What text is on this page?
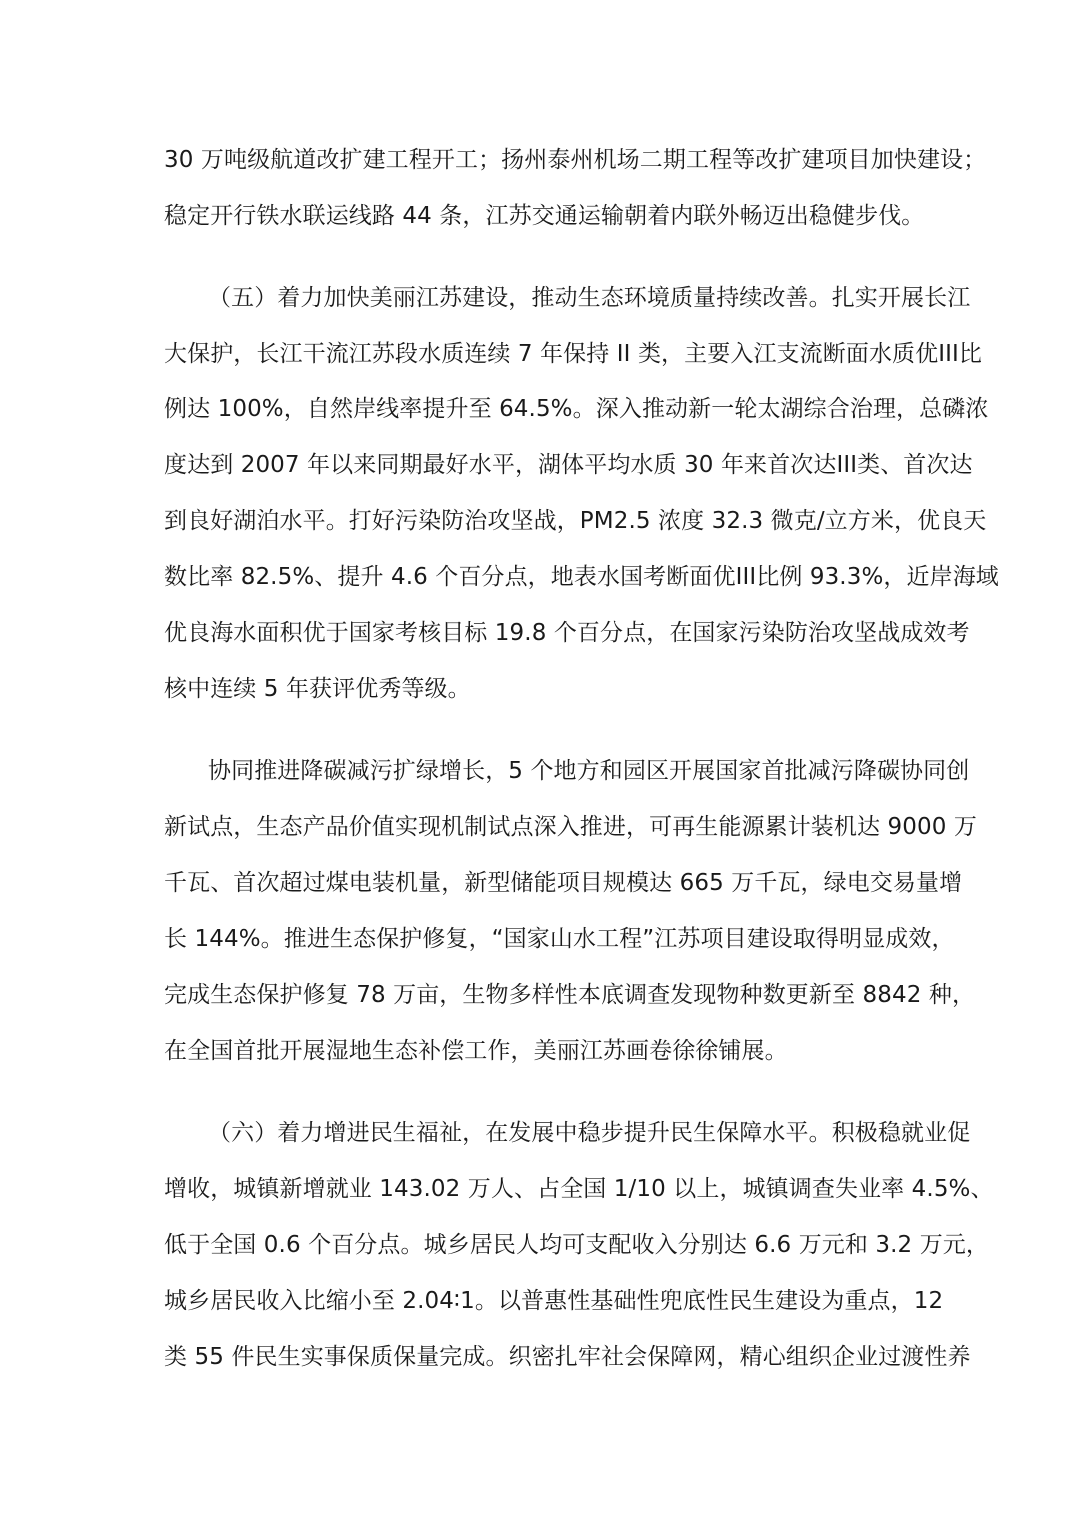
30 万吨级航道改扩建工程开工；扬州泰州机场二期工程等改扩建项目加快建设；
稳定开行铁水联运线路 44 条，江苏交通运输朝着内联外畅迈出稳健步伐。
（五）着力加快美丽江苏建设，推动生态环境质量持续改善。扎实开展长江
大保护，长江干流江苏段水质连续 7 年保持 II 类，主要入江支流断面水质优III比
例达 100%，自然岸线率提升至 64.5%。深入推动新一轮太湖综合治理，总磷浓
度达到 2007 年以来同期最好水平，湖体平均水质 30 年来首次达III类、首次达
到良好湖泊水平。打好污染防治攻坚战，PM2.5 浓度 32.3 微克/立方米，优良天
数比率 82.5%、提升 4.6 个百分点，地表水国考断面优III比例 93.3%，近岸海域
优良海水面积优于国家考核目标 19.8 个百分点，在国家污染防治攻坚战成效考
核中连续 5 年获评优秀等级。
协同推进降碳减污扩绿增长，5 个地方和园区开展国家首批减污降碳协同创
新试点，生态产品价值实现机制试点深入推进，可再生能源累计装机达 9000 万
千瓦、首次超过煤电装机量，新型储能项目规模达 665 万千瓦，绿电交易量增
长 144%。推进生态保护修复，“国家山水工程”江苏项目建设取得明显成效，
完成生态保护修复 78 万亩，生物多样性本底调查发现物种数更新至 8842 种，
在全国首批开展湿地生态补偿工作，美丽江苏画卷徐徐铺展。
（六）着力增进民生福祉，在发展中稳步提升民生保障水平。积极稳就业促
增收，城镇新增就业 143.02 万人、占全国 1/10 以上，城镇调查失业率 4.5%、
低于全国 0.6 个百分点。城乡居民人均可支配收入分别达 6.6 万元和 3.2 万元，
城乡居民收入比缩小至 2.04∶1。以普惠性基础性兜底性民生建设为重点，12
类 55 件民生实事保质保量完成。织密扎牢社会保障网，精心组织企业过渡性养
